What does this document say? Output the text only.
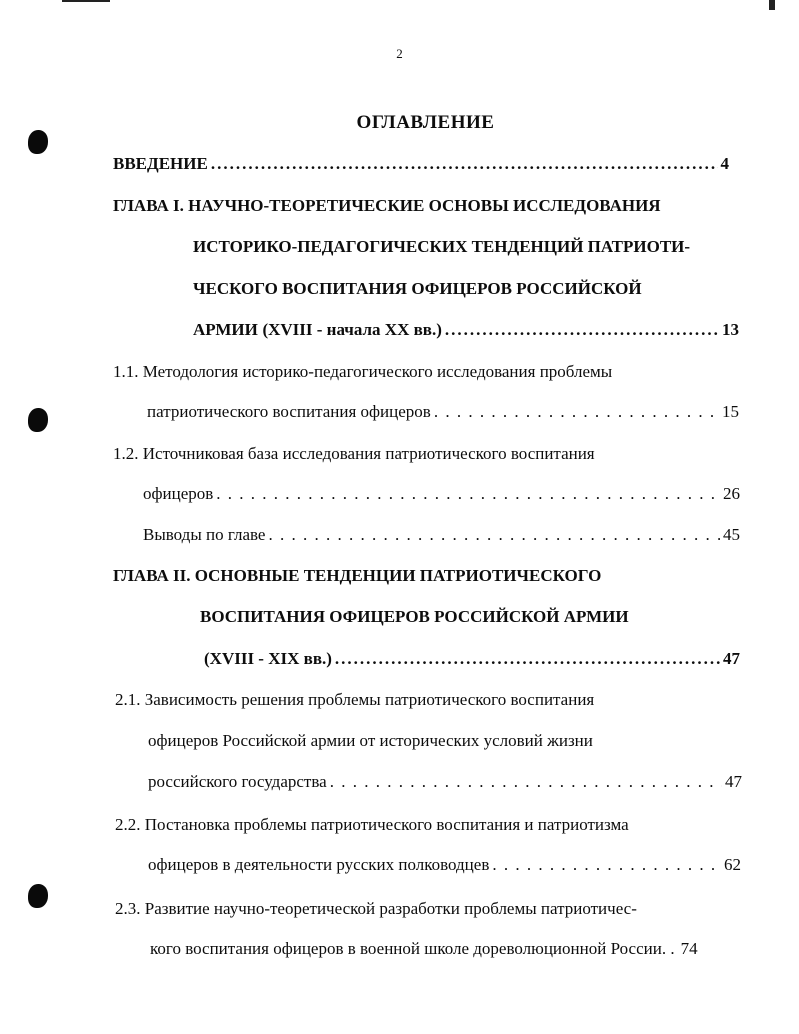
2
ОГЛАВЛЕНИЕ
ВВЕДЕНИЕ .....	4
ГЛАВА I. НАУЧНО-ТЕОРЕТИЧЕСКИЕ ОСНОВЫ ИССЛЕДОВАНИЯ
ИСТОРИКО-ПЕДАГОГИЧЕСКИХ ТЕНДЕНЦИЙ ПАТРИОТИ-
ЧЕСКОГО ВОСПИТАНИЯ ОФИЦЕРОВ РОССИЙСКОЙ
АРМИИ (XVIII - начала XX вв.) .....	13
1.1. Методология историко-педагогического исследования проблемы
патриотического воспитания офицеров . . .	15
1.2. Источниковая база исследования патриотического воспитания
офицеров . . .	26
Выводы по главе . . .	45
ГЛАВА II. ОСНОВНЫЕ ТЕНДЕНЦИИ ПАТРИОТИЧЕСКОГО
ВОСПИТАНИЯ ОФИЦЕРОВ РОССИЙСКОЙ АРМИИ
(XVIII - XIX вв.) .....	47
2.1. Зависимость решения проблемы патриотического воспитания
офицеров Российской армии от исторических условий жизни
российского государства . . .	47
2.2. Постановка проблемы патриотического воспитания и патриотизма
офицеров в деятельности русских полководцев . . .	62
2.3. Развитие научно-теоретической разработки проблемы патриотичес-
кого воспитания офицеров в военной школе дореволюционной России. . 74
